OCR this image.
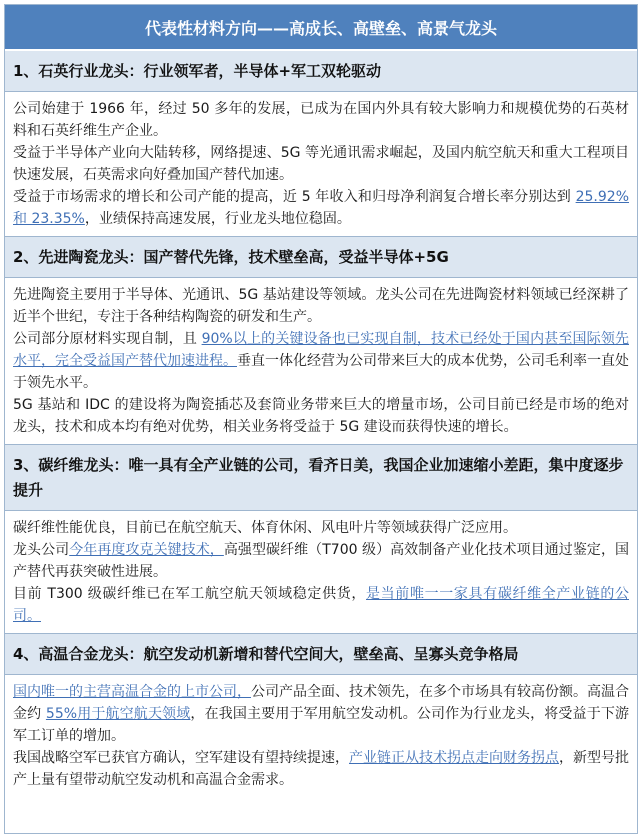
代表性材料方向——高成长、高壁垒、高景气龙头
1、石英行业龙头：行业领军者，半导体+军工双轮驱动

公司始建于 1966 年，经过 50 多年的发展，已成为在国内外具有较大影响力和规模优势的石英材料和石英纤维生产企业。

受益于半导体产业向大陆转移，网络提速、5G 等光通讯需求崛起，及国内航空航天和重大工程项目快速发展，石英需求向好叠加国产替代加速。

受益于市场需求的增长和公司产能的提高，近 5 年收入和归母净利润复合增长率分别达到 25.92%和 23.35%，业绩保持高速发展，行业龙头地位稳固。

2、先进陶瓷龙头：国产替代先锋，技术壁垒高，受益半导体+5G

先进陶瓷主要用于半导体、光通讯、5G 基站建设等领域。龙头公司在先进陶瓷材料领域已经深耕了近半个世纪，专注于各种结构陶瓷的研发和生产。

公司部分原材料实现自制，且 90%以上的关键设备也已实现自制，技术已经处于国内甚至国际领先水平，完全受益国产替代加速进程。垂直一体化经营为公司带来巨大的成本优势，公司毛利率一直处于领先水平。

5G 基站和 IDC 的建设将为陶瓷插芯及套筒业务带来巨大的增量市场，公司目前已经是市场的绝对龙头，技术和成本均有绝对优势，相关业务将受益于 5G 建设而获得快速的增长。

3、碳纤维龙头：唯一具有全产业链的公司，看齐日美，我国企业加速缩小差距，集中度逐步提升

碳纤维性能优良，目前已在航空航天、体育休闲、风电叶片等领域获得广泛应用。

龙头公司今年再度攻克关键技术，高强型碳纤维（T700 级）高效制备产业化技术项目通过鉴定，国产替代再获突破性进展。

目前 T300 级碳纤维已在军工航空航天领域稳定供货，是当前唯一一家具有碳纤维全产业链的公司。

4、高温合金龙头：航空发动机新增和替代空间大，壁垒高、呈寡头竞争格局

国内唯一的主营高温合金的上市公司，公司产品全面、技术领先，在多个市场具有较高份额。高温合金约 55%用于航空航天领域，在我国主要用于军用航空发动机。公司作为行业龙头，将受益于下游军工订单的增加。

我国战略空军已获官方确认，空军建设有望持续提速，产业链正从技术拐点走向财务拐点，新型号批产上量有望带动航空发动机和高温合金需求。
